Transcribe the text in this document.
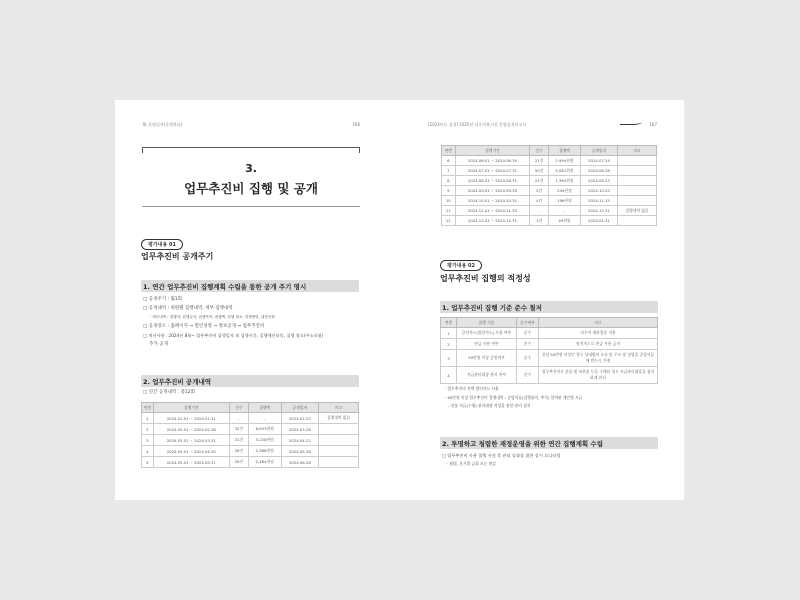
Ⅲ. 운영실적(운영관리)	166
3.
업무추진비 집행 및 공개
평가내용 01
업무추진비 공개주기
1. 연간 업무추진비 집행계획 수립을 통한 공개 주기 명시
□ 공개주기 : 월1회
□ 공개내역 : 위원별 집행내역, 세부 집행내역
◦ 세부내역 : 집행자, 집행일자, 집행목적, 집행액, 집행 장소, 결제방법, 대상인원
□ 공개장소 : 홈페이지 → 열린경영 → 정보공개 → 업무추진비
□ 개선사항 : 2024년 8월~ 업무추진비 집행일자 외 집행시간, 집행예산과목, 집행 장소(주소포함)
추가 공개
2. 업무추진비 공개내역
□ 연간 공개내역 : 총12회
연번	집행기간	건수	집행액	공개일자	비고
1	2024.01.01 ~ 2024.01.31	-	-	2024.02.23	집행내역 없음
2	2024.02.01 ~ 2024.02.28	32건	6,633천원	2024.03.28	
3	2024.03.01 ~ 2024.03.31	31건	3,228천원	2024.04.22	
4	2024.04.01 ~ 2024.04.30	26건	2,568천원	2024.05.28	
5	2024.05.01 ~ 2024.05.31	26건	2,464천원	2024.06.26	
[2024년도 실적] 2025년 다중이용시설 운영실적보고서	167
연번	집행기간	건수	집행액	공개일자	비고
6	2024.06.01 ~ 2024.06.30	21건	2,994천원	2024.07.24	
7	2024.07.01 ~ 2024.07.31	50건	5,061천원	2024.08.26	
8	2024.08.01 ~ 2024.08.31	21건	1,364천원	2024.09.23	
9	2024.09.01 ~ 2024.09.30	5건	249천원	2024.10.25	
10	2024.10.01 ~ 2024.10.31	4건	196천원	2024.11.15	
11	2024.11.01 ~ 2024.11.30	-	-	2024.12.31	집행내역 없음
12	2024.12.01 ~ 2024.12.31	1건	49천원	2025.01.31	
평가내용 02
업무추진비 집행의 적정성
1. 업무추진비 집행 기준 준수 철저
연번	집행 기준	준수여부	비고
1	클린카드(법인카드) 사용 여부	준수	의무적 제한업종 적용
2	현금 사용 여부	준수	원칙적으로 현금 사용 금지
3	50만원 이상 증빙여부	준수	건당 50만원 이상인 경우 상대방의 소속 및 주소 및 성명을 증빙서류에 반드시 기재
4	지급관리대장 관리 여부	준수	업무추진비로 선물 및 특산품 등을 구매한 경우 지급관리대장을 철저하게 관리
◦ 업무추진비 전액 법인카드 사용
◦ 50만원 이상 업무추진비 집행내역 : 증빙서류(집행품의, 추석) 입력된 개인별 지급
- 선물 지급(수령) 관리대장 작성을 통한 관리 철저
2. 투명하고 청렴한 재정운영을 위한 연간 집행계획 수립
□ 업무추진비 사용 절행 사전 후 관리 강화를 위한 상시 모니터링
◦ 월별, 분기별 금회 모는 점검
